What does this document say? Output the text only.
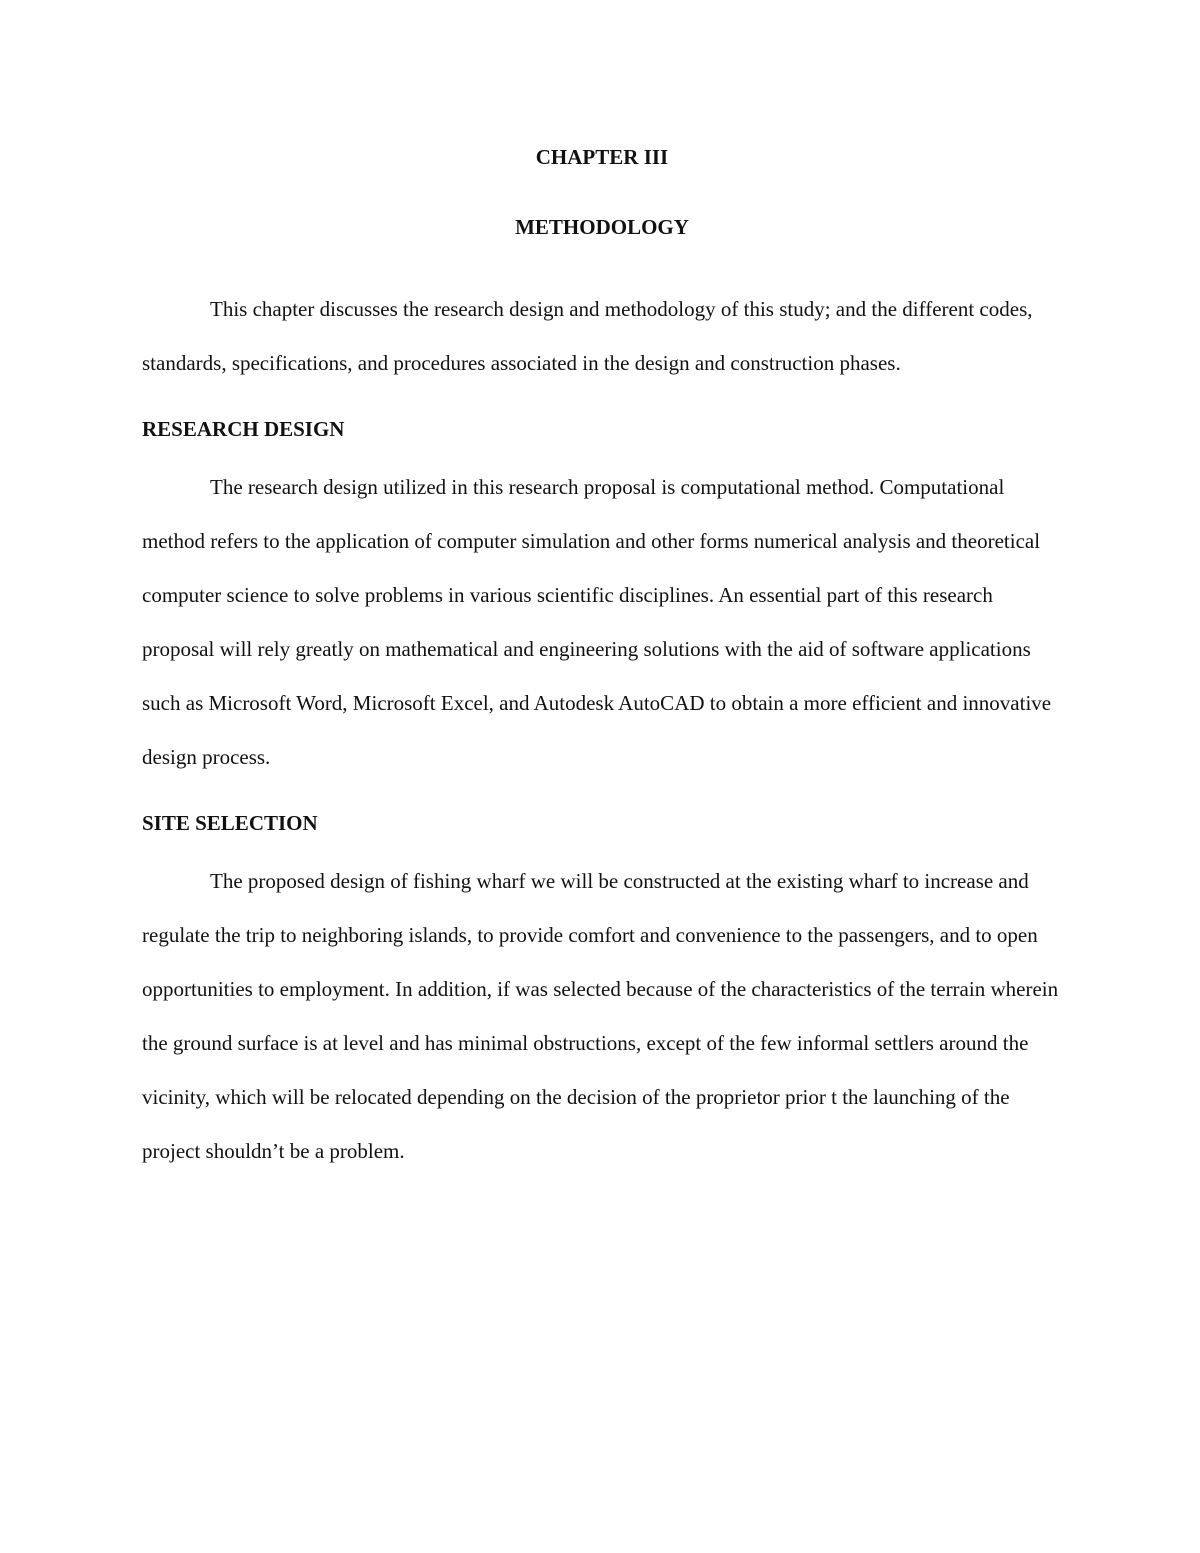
CHAPTER III
METHODOLOGY

This chapter discusses the research design and methodology of this study; and the different codes, standards, specifications, and procedures associated in the design and construction phases.

RESEARCH DESIGN

The research design utilized in this research proposal is computational method. Computational method refers to the application of computer simulation and other forms numerical analysis and theoretical computer science to solve problems in various scientific disciplines. An essential part of this research proposal will rely greatly on mathematical and engineering solutions with the aid of software applications such as Microsoft Word, Microsoft Excel, and Autodesk AutoCAD to obtain a more efficient and innovative design process.

SITE SELECTION

The proposed design of fishing wharf we will be constructed at the existing wharf to increase and regulate the trip to neighboring islands, to provide comfort and convenience to the passengers, and to open opportunities to employment. In addition, if was selected because of the characteristics of the terrain wherein the ground surface is at level and has minimal obstructions, except of the few informal settlers around the vicinity, which will be relocated depending on the decision of the proprietor prior t the launching of the project shouldn’t be a problem.
